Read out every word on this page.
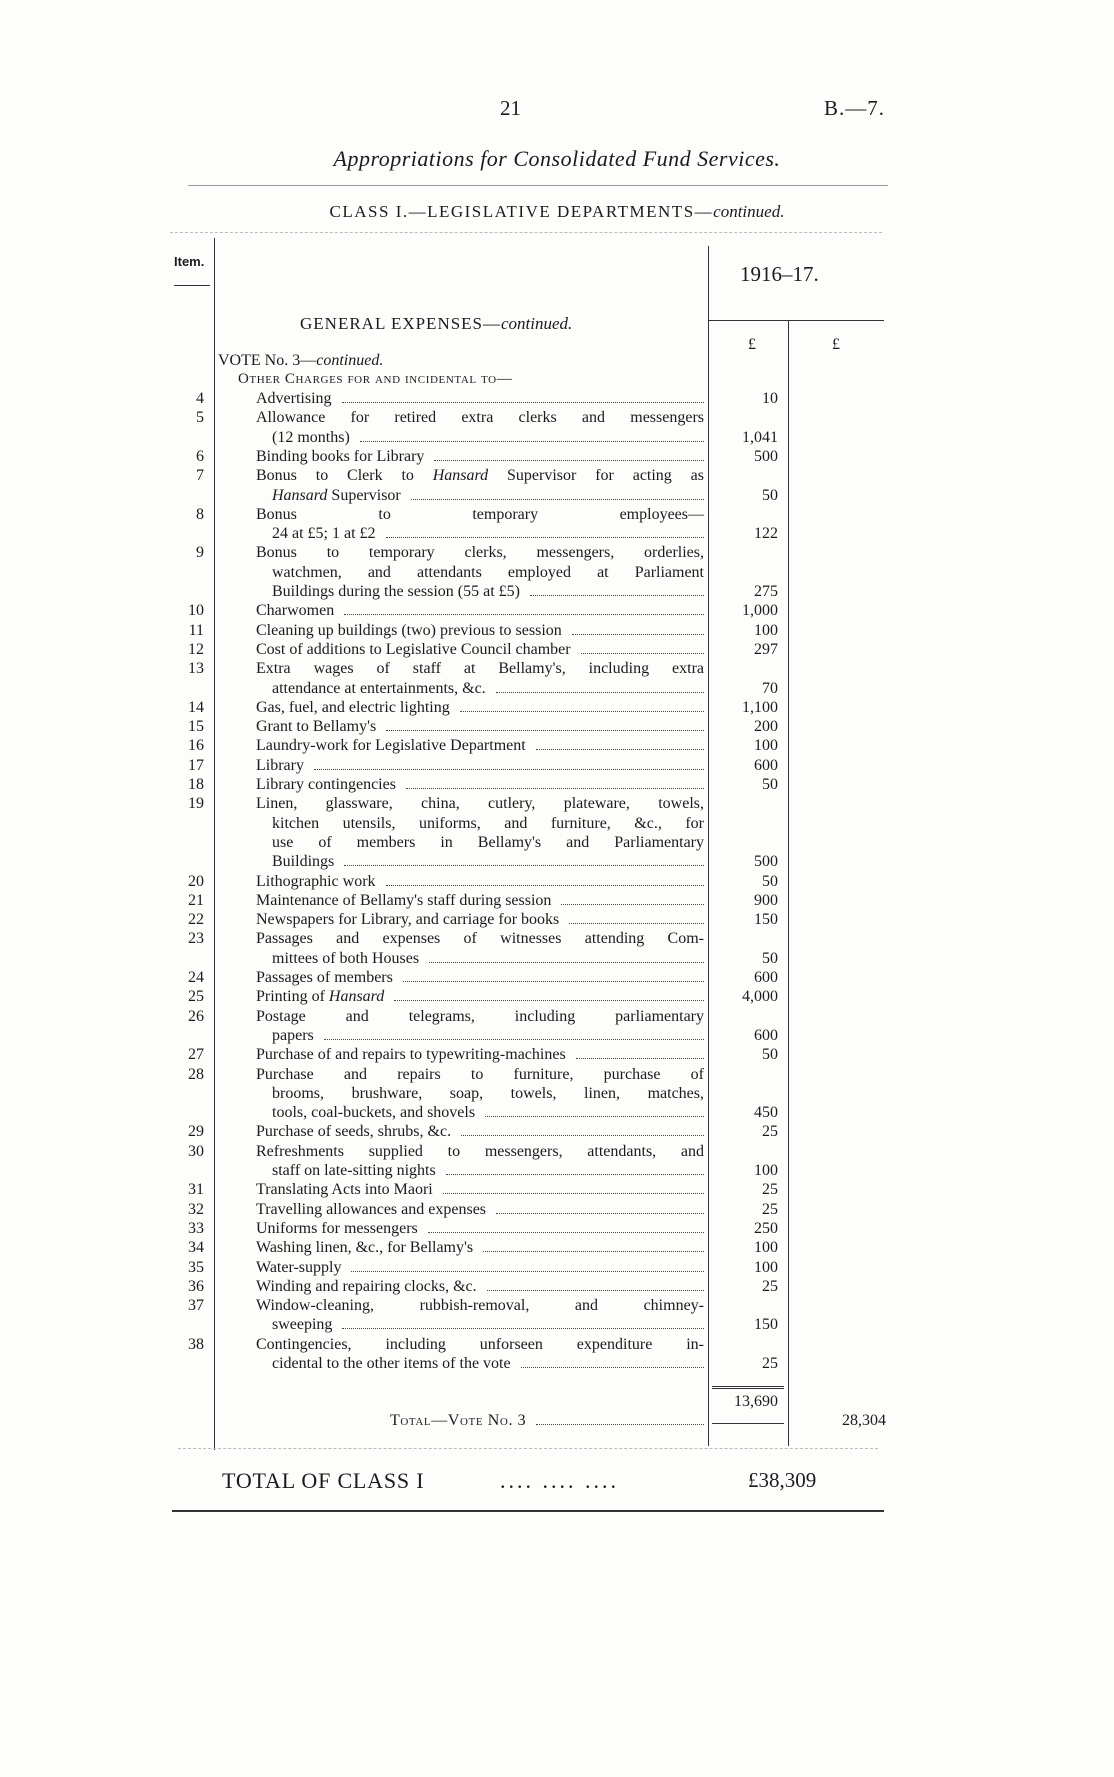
21	B.—7.
Appropriations for Consolidated Fund Services.
CLASS I.—LEGISLATIVE DEPARTMENTS—continued.
Item.
1916–17.
GENERAL EXPENSES—continued.
£	£
VOTE No. 3—continued.
Other Charges for and incidental to—
4	Advertising	10
5	Allowance for retired extra clerks and messengers
(12 months)	1,041
6	Binding books for Library	500
7	Bonus to Clerk to Hansard Supervisor for acting as
Hansard Supervisor	50
8	Bonus to temporary employees—
24 at £5; 1 at £2	122
9	Bonus to temporary clerks, messengers, orderlies,
watchmen, and attendants employed at Parliament
Buildings during the session (55 at £5)	275
10	Charwomen	1,000
11	Cleaning up buildings (two) previous to session	100
12	Cost of additions to Legislative Council chamber	297
13	Extra wages of staff at Bellamy's, including extra
attendance at entertainments, &c.	70
14	Gas, fuel, and electric lighting	1,100
15	Grant to Bellamy's	200
16	Laundry-work for Legislative Department	100
17	Library	600
18	Library contingencies	50
19	Linen, glassware, china, cutlery, plateware, towels,
kitchen utensils, uniforms, and furniture, &c., for
use of members in Bellamy's and Parliamentary
Buildings	500
20	Lithographic work	50
21	Maintenance of Bellamy's staff during session	900
22	Newspapers for Library, and carriage for books	150
23	Passages and expenses of witnesses attending Com-
mittees of both Houses	50
24	Passages of members	600
25	Printing of Hansard	4,000
26	Postage and telegrams, including parliamentary
papers	600
27	Purchase of and repairs to typewriting-machines	50
28	Purchase and repairs to furniture, purchase of
brooms, brushware, soap, towels, linen, matches,
tools, coal-buckets, and shovels	450
29	Purchase of seeds, shrubs, &c.	25
30	Refreshments supplied to messengers, attendants, and
staff on late-sitting nights	100
31	Translating Acts into Maori	25
32	Travelling allowances and expenses	25
33	Uniforms for messengers	250
34	Washing linen, &c., for Bellamy's	100
35	Water-supply	100
36	Winding and repairing clocks, &c.	25
37	Window-cleaning, rubbish-removal, and chimney-
sweeping	150
38	Contingencies, including unforseen expenditure in-
cidental to the other items of the vote	25
13,690
Total—Vote No. 3	28,304
TOTAL OF CLASS I	.... .... ....	£38,309
